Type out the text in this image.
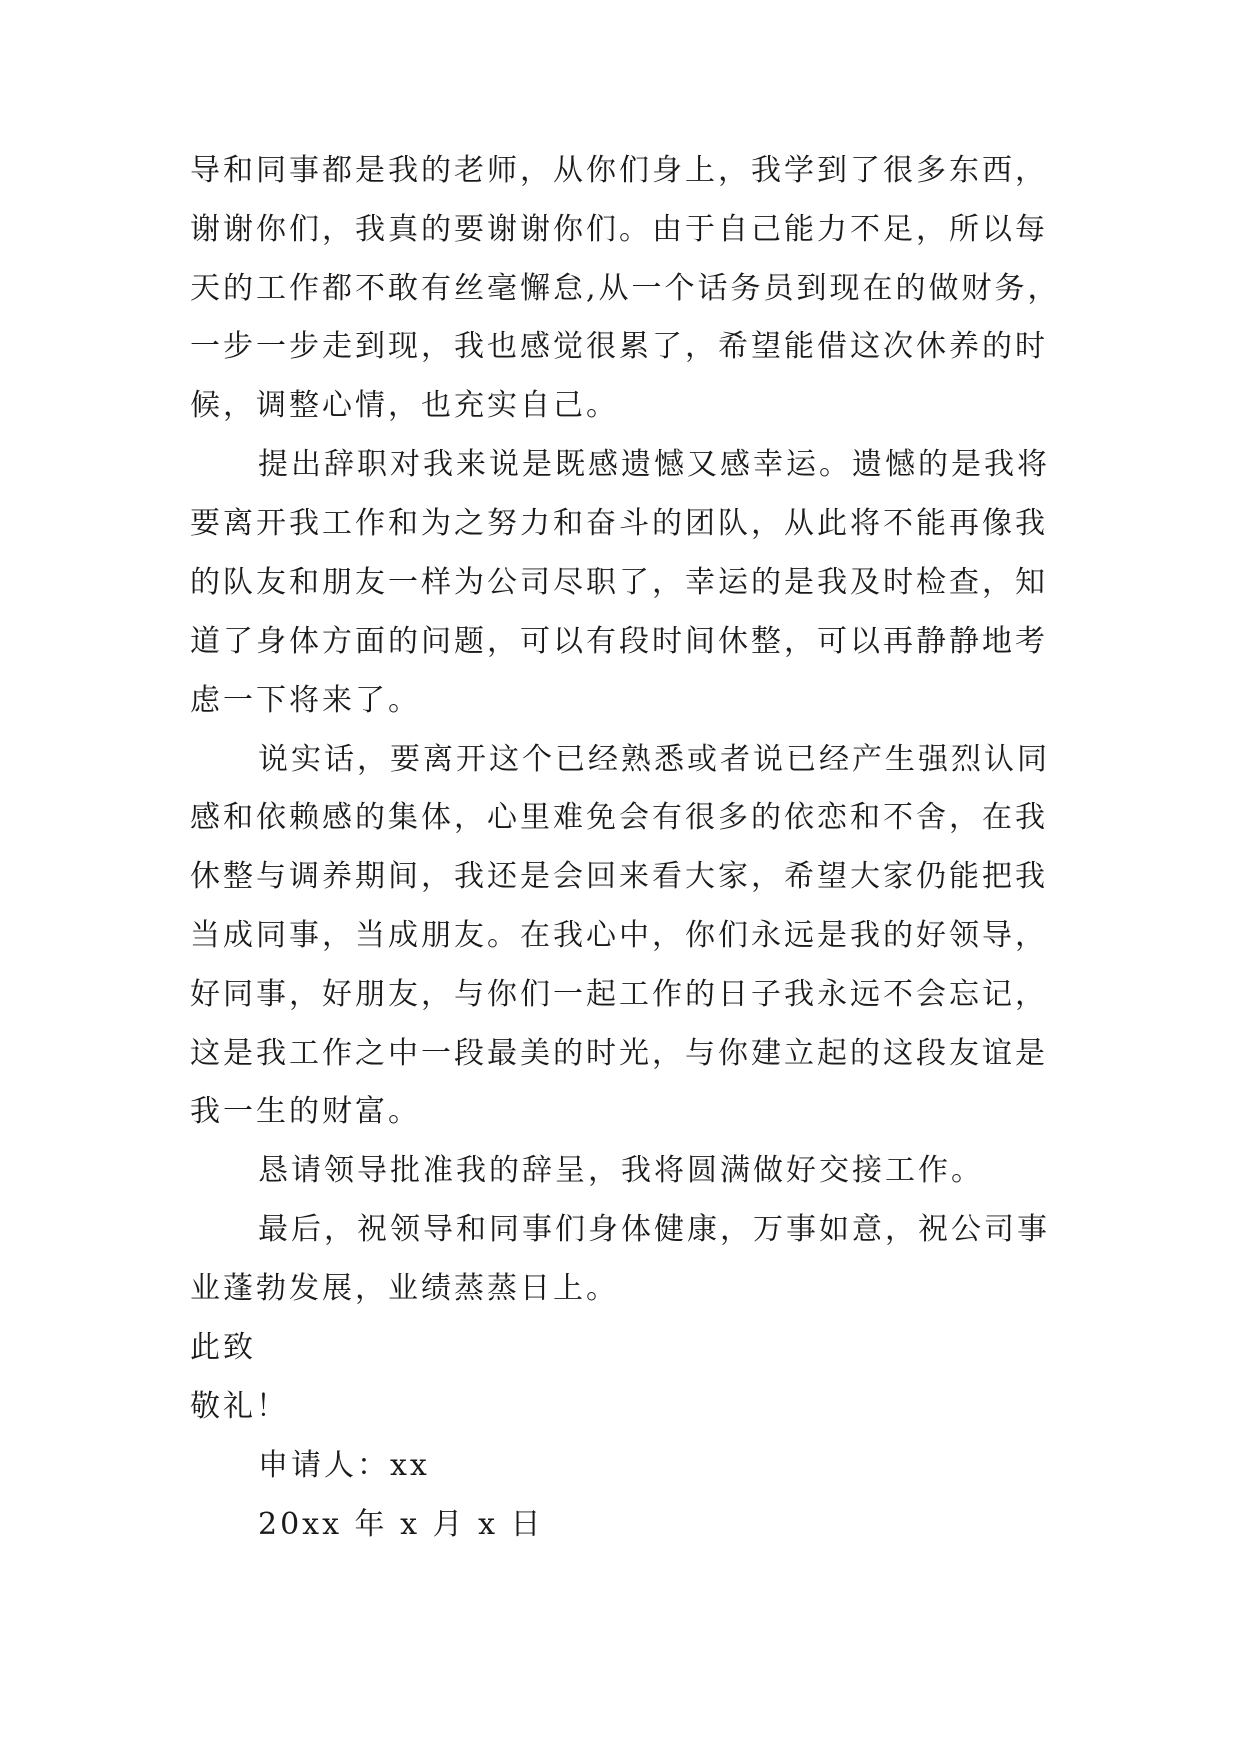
导和同事都是我的老师，从你们身上，我学到了很多东西，
谢谢你们，我真的要谢谢你们。由于自己能力不足，所以每
天的工作都不敢有丝毫懈怠,从一个话务员到现在的做财务，
一步一步走到现，我也感觉很累了，希望能借这次休养的时
候，调整心情，也充实自己。
提出辞职对我来说是既感遗憾又感幸运。遗憾的是我将
要离开我工作和为之努力和奋斗的团队，从此将不能再像我
的队友和朋友一样为公司尽职了，幸运的是我及时检查，知
道了身体方面的问题，可以有段时间休整，可以再静静地考
虑一下将来了。
说实话，要离开这个已经熟悉或者说已经产生强烈认同
感和依赖感的集体，心里难免会有很多的依恋和不舍，在我
休整与调养期间，我还是会回来看大家，希望大家仍能把我
当成同事，当成朋友。在我心中，你们永远是我的好领导，
好同事，好朋友，与你们一起工作的日子我永远不会忘记，
这是我工作之中一段最美的时光，与你建立起的这段友谊是
我一生的财富。
恳请领导批准我的辞呈，我将圆满做好交接工作。
最后，祝领导和同事们身体健康，万事如意，祝公司事
业蓬勃发展，业绩蒸蒸日上。
此致
敬礼！
申请人：xx
20xx 年 x 月 x 日
